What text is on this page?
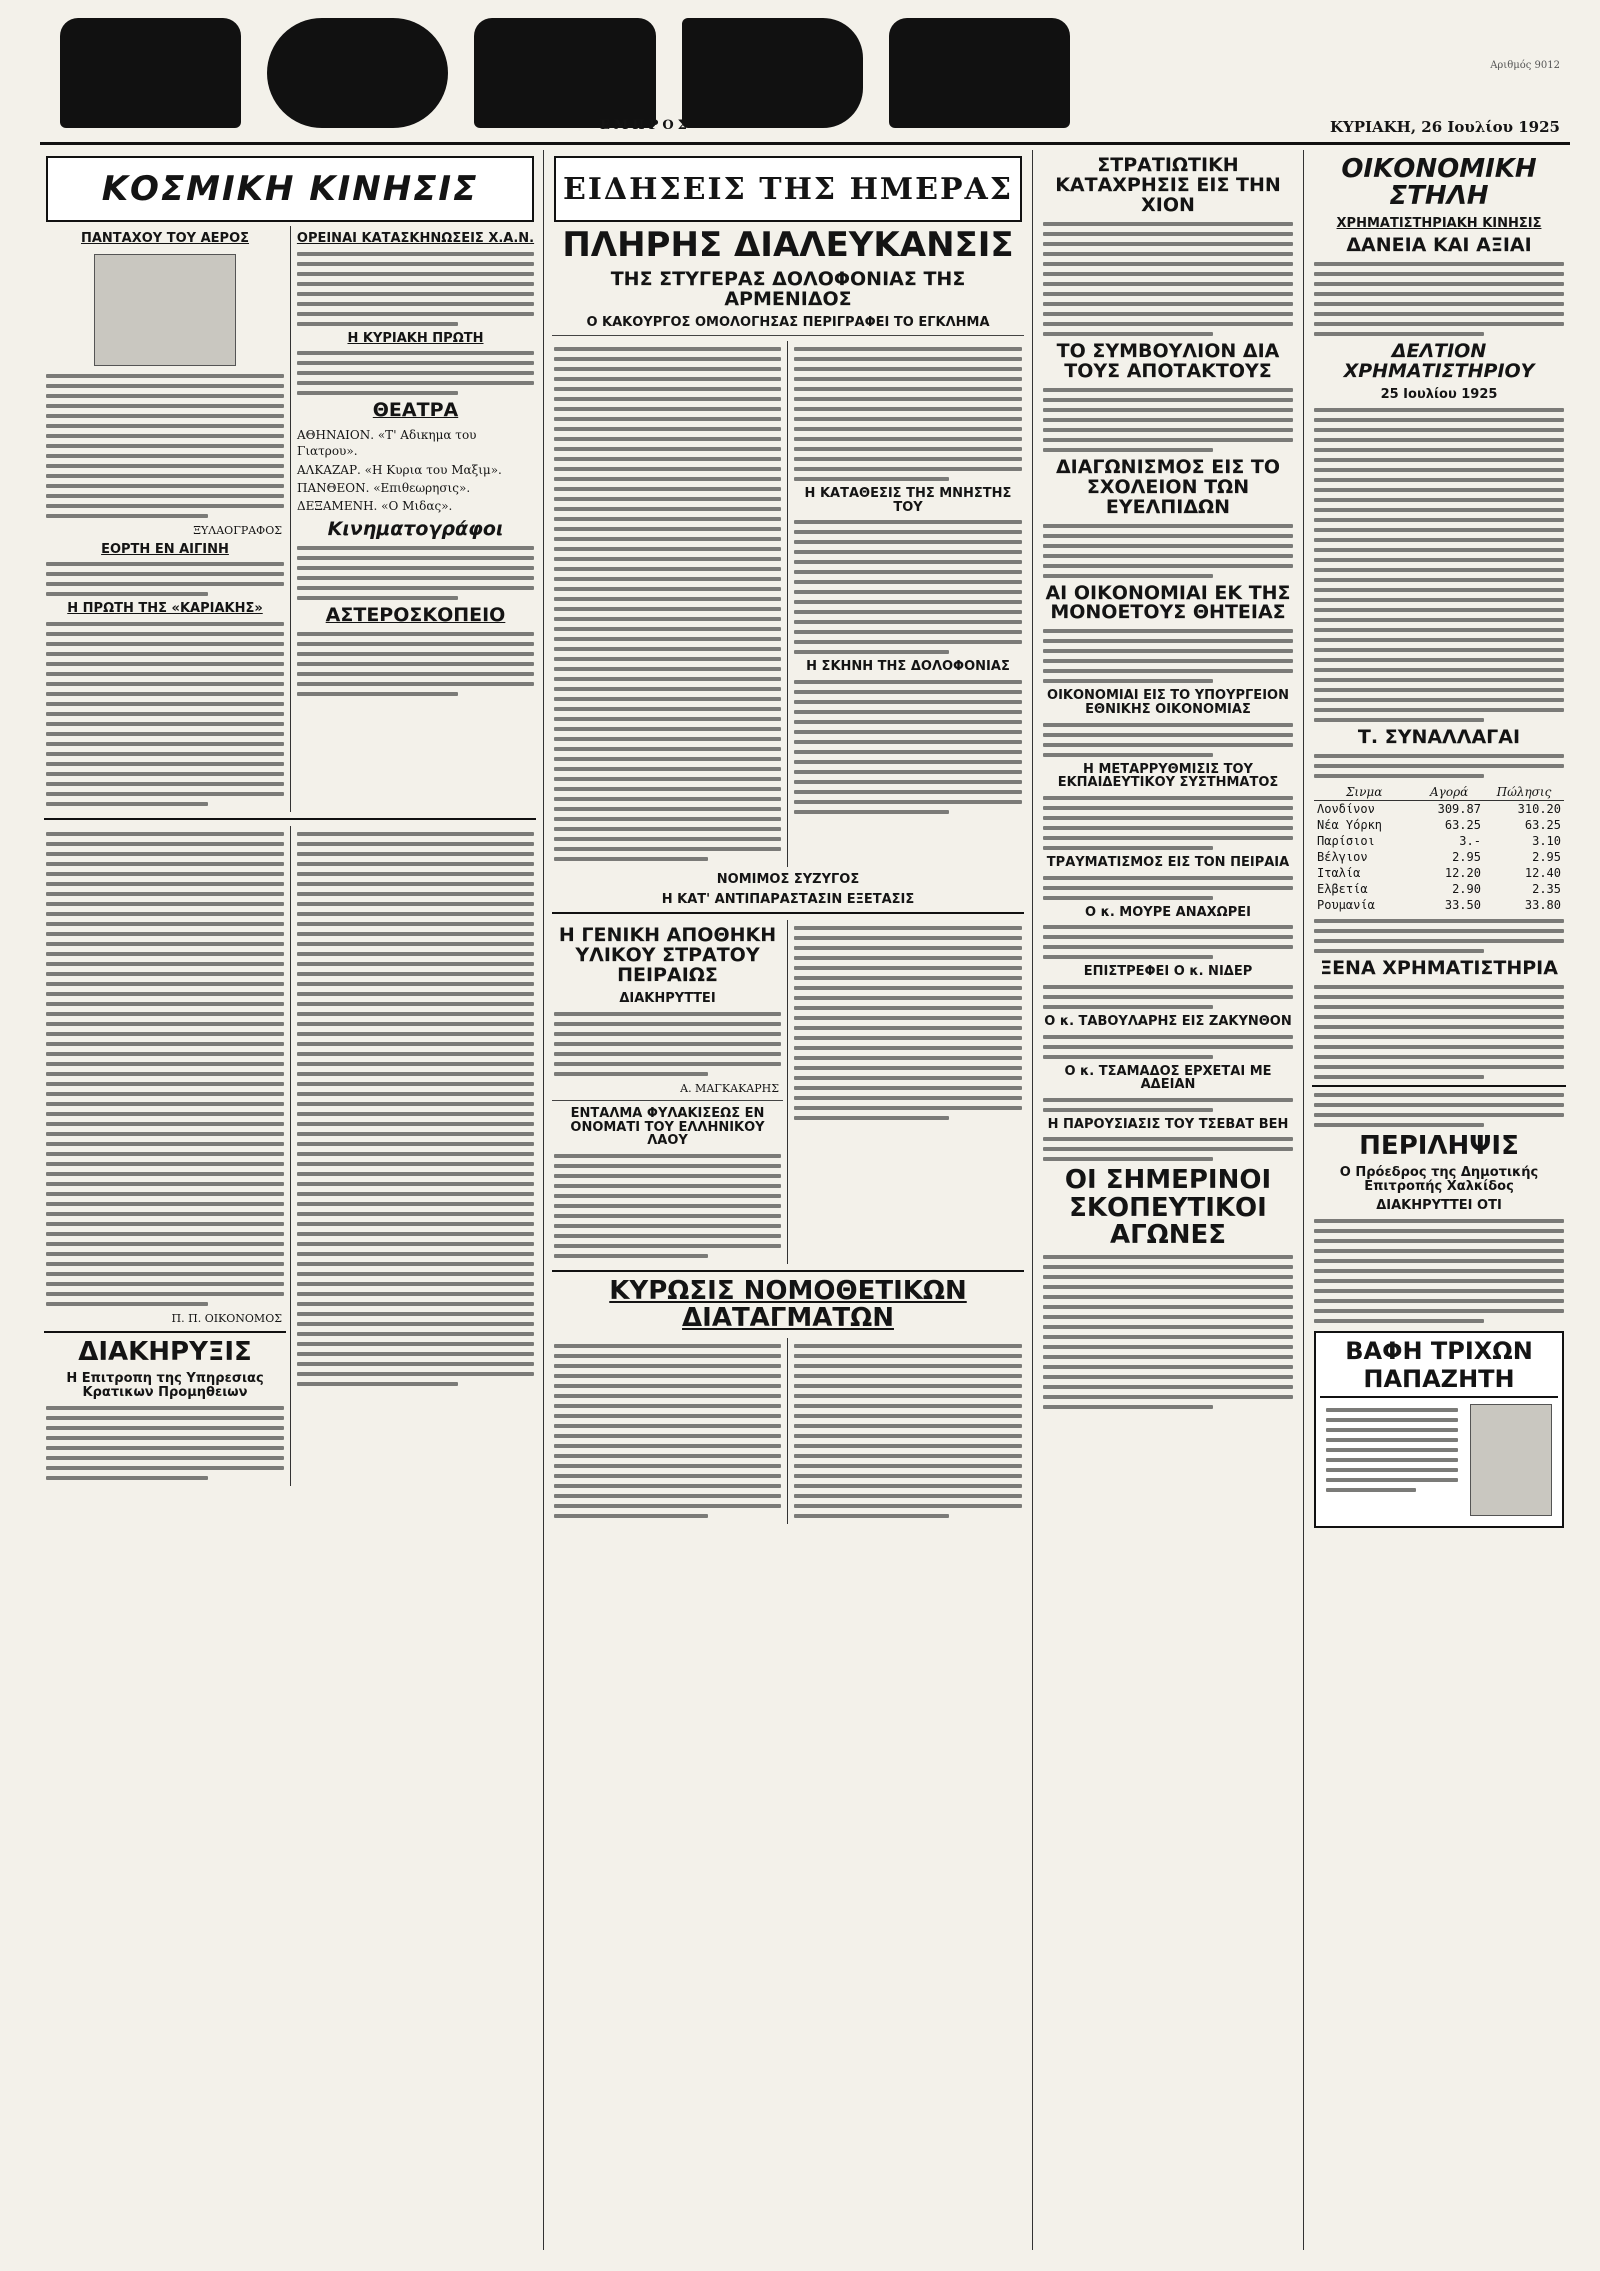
ΕΜΠΡΟΣ
Αριθμός 9012
ΚΥΡΙΑΚΗ, 26 Ιουλίου 1925
ΚΟΣΜΙΚΗ ΚΙΝΗΣΙΣ
ΠΑΝΤΑΧΟΥ ΤΟΥ ΑΕΡΟΣ
ΞΥΛΑΟΓΡΑΦΟΣ
ΕΟΡΤΗ ΕΝ ΑΙΓΙΝΗ
Η ΠΡΩΤΗ ΤΗΣ «ΚΑΡΙΑΚΗΣ»
ΟΡΕΙΝΑΙ ΚΑΤΑΣΚΗΝΩΣΕΙΣ Χ.Α.Ν.
Η ΚΥΡΙΑΚΗ ΠΡΩΤΗ
ΘΕΑΤΡΑ
ΑΘΗΝΑΙΟΝ. «Τ' Αδικημα του Γιατρου».
ΑΛΚΑΖΑΡ. «Η Κυρια του Μαξιμ».
ΠΑΝΘΕΟΝ. «Επιθεωρησις».
ΔΕΞΑΜΕΝΗ. «Ο Μιδας».
Κινηματογράφοι
ΑΣΤΕΡΟΣΚΟΠΕΙΟ
Π. Π. ΟΙΚΟΝΟΜΟΣ
ΔΙΑΚΗΡΥΞΙΣ
Η Επιτροπη της Υπηρεσιας Κρατικων Προμηθειων
ΕΙΔΗΣΕΙΣ ΤΗΣ ΗΜΕΡΑΣ
ΠΛΗΡΗΣ ΔΙΑΛΕΥΚΑΝΣΙΣ
ΤΗΣ ΣΤΥΓΕΡΑΣ ΔΟΛΟΦΟΝΙΑΣ ΤΗΣ ΑΡΜΕΝΙΔΟΣ
Ο ΚΑΚΟΥΡΓΟΣ ΟΜΟΛΟΓΗΣΑΣ ΠΕΡΙΓΡΑΦΕΙ ΤΟ ΕΓΚΛΗΜΑ
Η ΚΑΤΑΘΕΣΙΣ ΤΗΣ ΜΝΗΣΤΗΣ ΤΟΥ
Η ΣΚΗΝΗ ΤΗΣ ΔΟΛΟΦΟΝΙΑΣ
ΝΟΜΙΜΟΣ ΣΥΖΥΓΟΣ
Η ΚΑΤ' ΑΝΤΙΠΑΡΑΣΤΑΣΙΝ ΕΞΕΤΑΣΙΣ
Η ΓΕΝΙΚΗ ΑΠΟΘΗΚΗ ΥΛΙΚΟΥ ΣΤΡΑΤΟΥ ΠΕΙΡΑΙΩΣ
ΔΙΑΚΗΡΥΤΤΕΙ
Α. ΜΑΓΚΑΚΑΡΗΣ
ΕΝΤΑΛΜΑ ΦΥΛΑΚΙΣΕΩΣ ΕΝ ΟΝΟΜΑΤΙ ΤΟΥ ΕΛΛΗΝΙΚΟΥ ΛΑΟΥ
ΚΥΡΩΣΙΣ ΝΟΜΟΘΕΤΙΚΩΝ ΔΙΑΤΑΓΜΑΤΩΝ
ΣΤΡΑΤΙΩΤΙΚΗ ΚΑΤΑΧΡΗΣΙΣ ΕΙΣ ΤΗΝ ΧΙΟΝ
ΤΟ ΣΥΜΒΟΥΛΙΟΝ ΔΙΑ ΤΟΥΣ ΑΠΟΤΑΚΤΟΥΣ
ΔΙΑΓΩΝΙΣΜΟΣ ΕΙΣ ΤΟ ΣΧΟΛΕΙΟΝ ΤΩΝ ΕΥΕΛΠΙΔΩΝ
ΑΙ ΟΙΚΟΝΟΜΙΑΙ ΕΚ ΤΗΣ ΜΟΝΟΕΤΟΥΣ ΘΗΤΕΙΑΣ
ΟΙΚΟΝΟΜΙΑΙ ΕΙΣ ΤΟ ΥΠΟΥΡΓΕΙΟΝ ΕΘΝΙΚΗΣ ΟΙΚΟΝΟΜΙΑΣ
Η ΜΕΤΑΡΡΥΘΜΙΣΙΣ ΤΟΥ ΕΚΠΑΙΔΕΥΤΙΚΟΥ ΣΥΣΤΗΜΑΤΟΣ
ΤΡΑΥΜΑΤΙΣΜΟΣ ΕΙΣ ΤΟΝ ΠΕΙΡΑΙΑ
Ο κ. ΜΟΥΡΕ ΑΝΑΧΩΡΕΙ
ΕΠΙΣΤΡΕΦΕΙ Ο κ. ΝΙΔΕΡ
Ο κ. ΤΑΒΟΥΛΑΡΗΣ ΕΙΣ ΖΑΚΥΝΘΟΝ
Ο κ. ΤΣΑΜΑΔΟΣ ΕΡΧΕΤΑΙ ΜΕ ΑΔΕΙΑΝ
Η ΠΑΡΟΥΣΙΑΣΙΣ ΤΟΥ ΤΣΕΒΑΤ ΒΕΗ
ΟΙ ΣΗΜΕΡΙΝΟΙ ΣΚΟΠΕΥΤΙΚΟΙ ΑΓΩΝΕΣ
ΟΙΚΟΝΟΜΙΚΗ ΣΤΗΛΗ
ΧΡΗΜΑΤΙΣΤΗΡΙΑΚΗ ΚΙΝΗΣΙΣ
ΔΑΝΕΙΑ ΚΑΙ ΑΞΙΑΙ
ΔΕΛΤΙΟΝ ΧΡΗΜΑΤΙΣΤΗΡΙΟΥ
25 Ιουλίου 1925
Τ. ΣΥΝΑΛΛΑΓΑΙ
Σινμα	Αγορά	Πώλησις
Λονδίνον	309.87	310.20
Νέα Υόρκη	63.25	63.25
Παρίσιοι	3.-	3.10
Βέλγιον	2.95	2.95
Ιταλία	12.20	12.40
Ελβετία	2.90	2.35
Ρουμανία	33.50	33.80
ΞΕΝΑ ΧΡΗΜΑΤΙΣΤΗΡΙΑ
ΠΕΡΙΛΗΨΙΣ
Ο Πρόεδρος της Δημοτικής Επιτροπής Χαλκίδος
ΔΙΑΚΗΡΥΤΤΕΙ ΟΤΙ
ΒΑΦΗ ΤΡΙΧΩΝ ΠΑΠΑΖΗΤΗ
